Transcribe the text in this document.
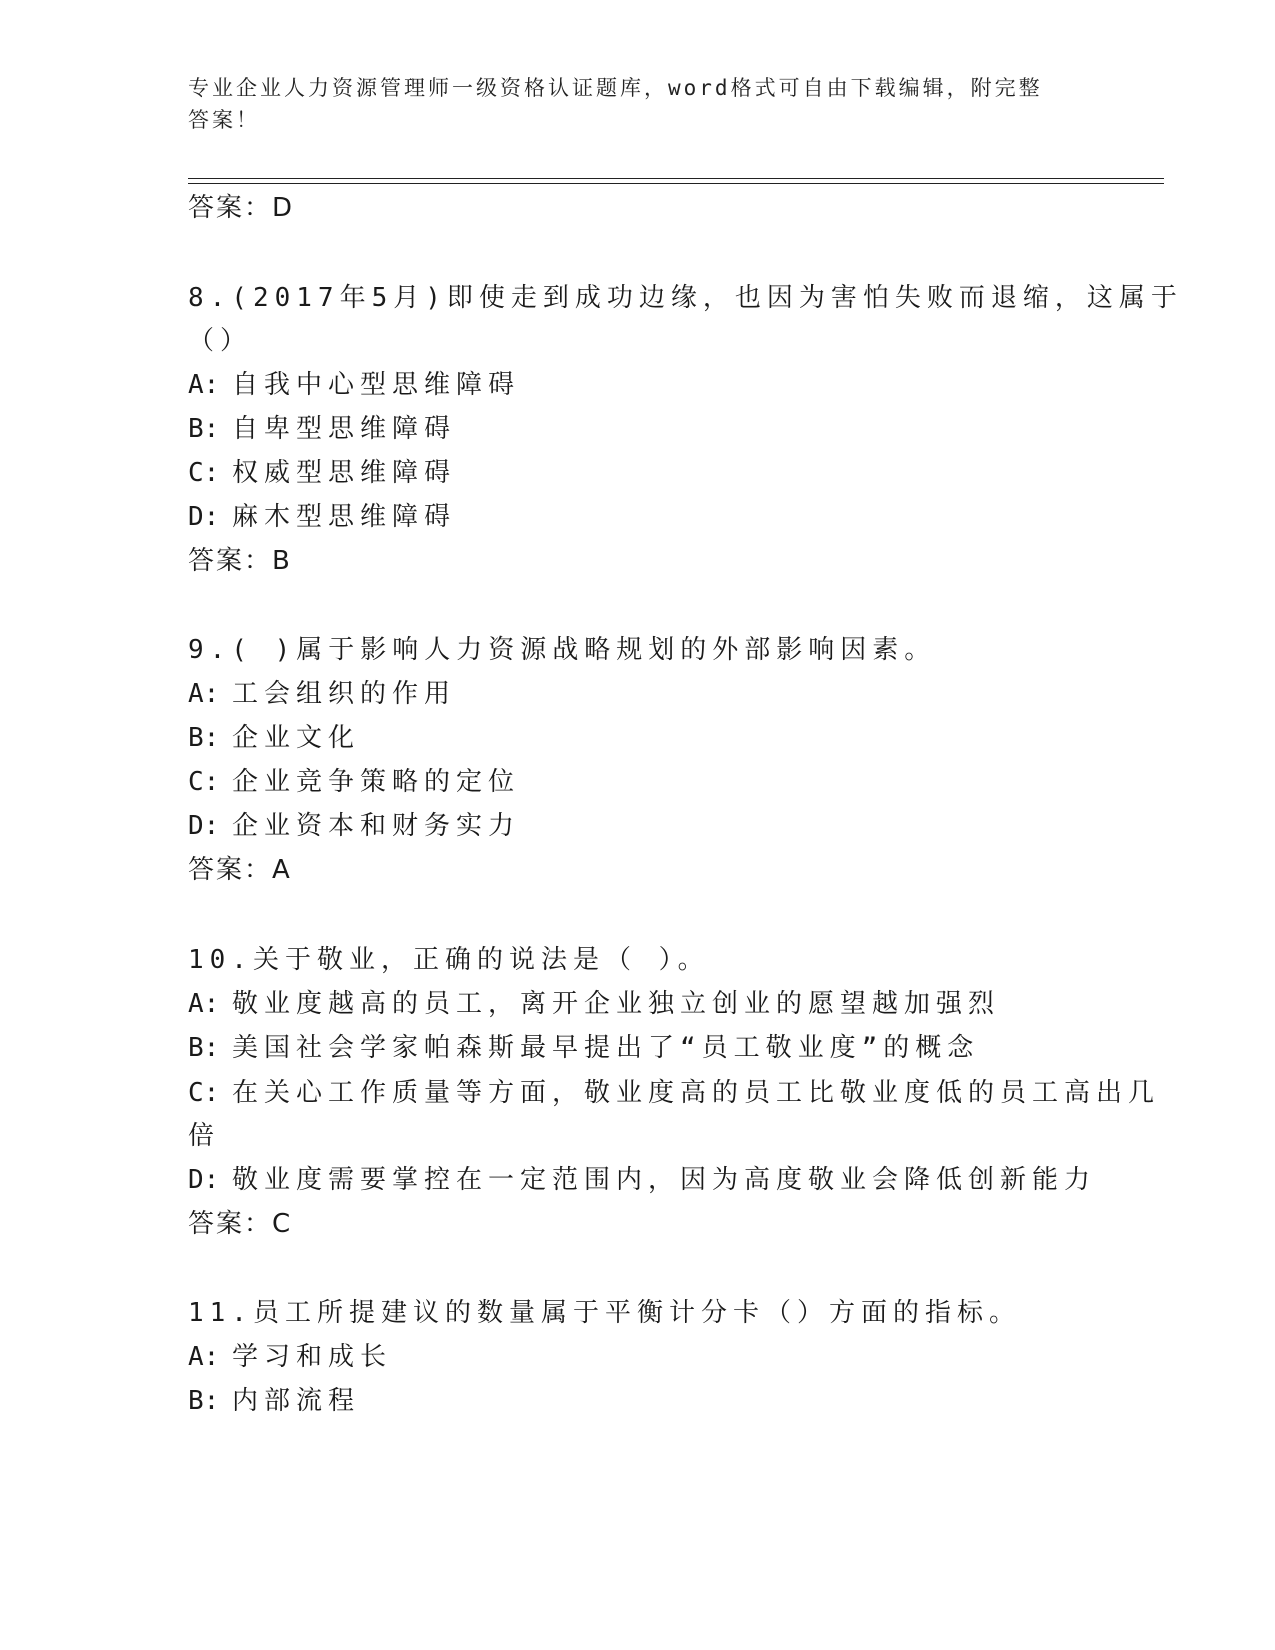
专业企业人力资源管理师一级资格认证题库，word格式可自由下载编辑，附完整
答案！
答案：D
8.(2017年5月)即使走到成功边缘，也因为害怕失败而退缩，这属于
（）
A: 自我中心型思维障碍
B: 自卑型思维障碍
C: 权威型思维障碍
D: 麻木型思维障碍
答案：B
9.( )属于影响人力资源战略规划的外部影响因素。
A: 工会组织的作用
B: 企业文化
C: 企业竞争策略的定位
D: 企业资本和财务实力
答案：A
10.关于敬业，正确的说法是（ ）。
A: 敬业度越高的员工，离开企业独立创业的愿望越加强烈
B: 美国社会学家帕森斯最早提出了“员工敬业度”的概念
C: 在关心工作质量等方面，敬业度高的员工比敬业度低的员工高出几
倍
D: 敬业度需要掌控在一定范围内，因为高度敬业会降低创新能力
答案：C
11.员工所提建议的数量属于平衡计分卡（）方面的指标。
A: 学习和成长
B: 内部流程
